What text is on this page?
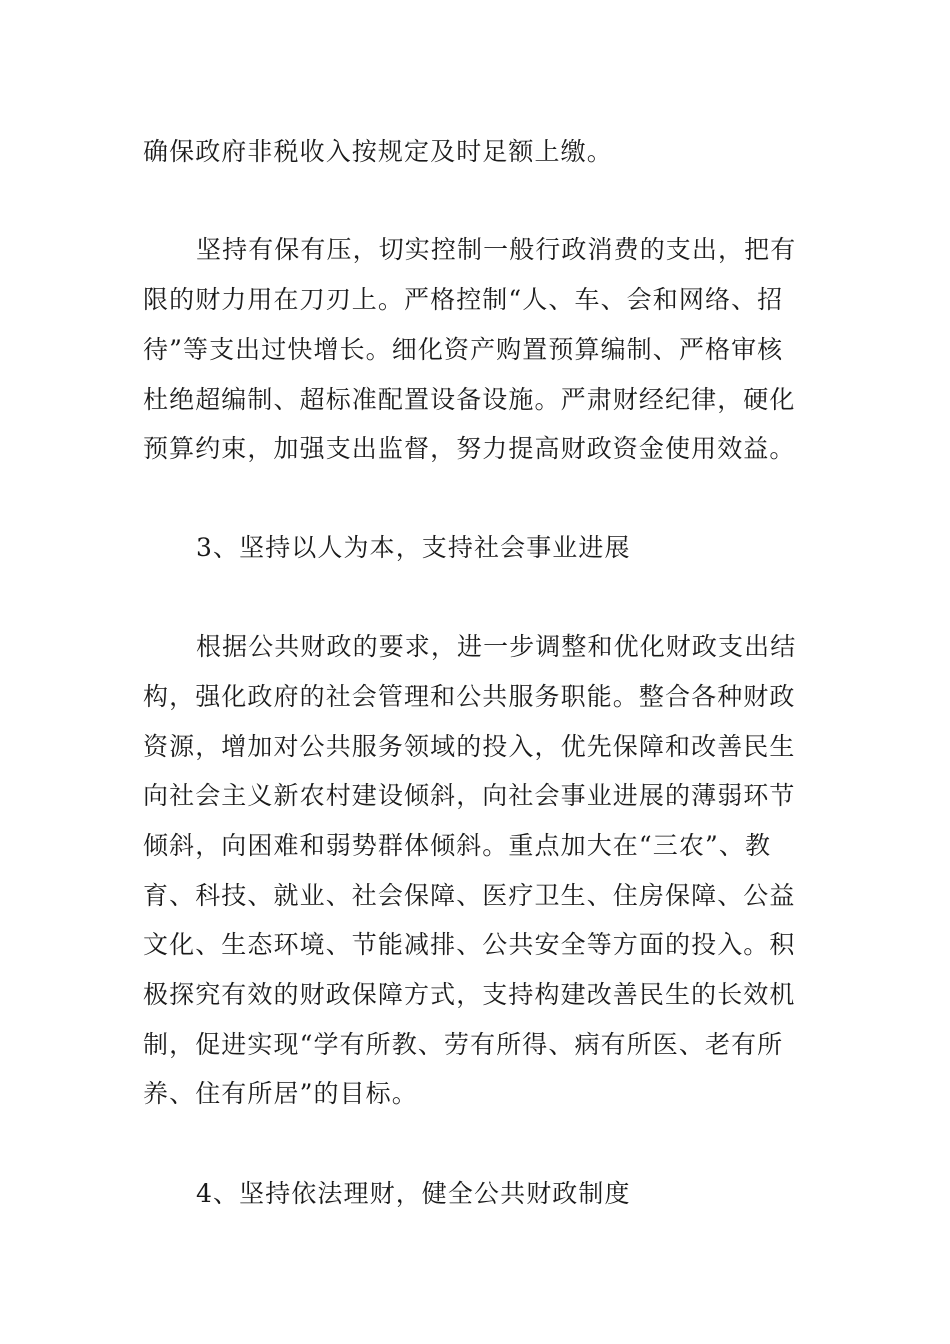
确保政府非税收入按规定及时足额上缴。
坚持有保有压，切实控制一般行政消费的支出，把有
限的财力用在刀刃上。严格控制“人、车、会和网络、招
待”等支出过快增长。细化资产购置预算编制、严格审核
杜绝超编制、超标准配置设备设施。严肃财经纪律，硬化
预算约束，加强支出监督，努力提高财政资金使用效益。
3、坚持以人为本，支持社会事业进展
根据公共财政的要求，进一步调整和优化财政支出结
构，强化政府的社会管理和公共服务职能。整合各种财政
资源，增加对公共服务领域的投入，优先保障和改善民生
向社会主义新农村建设倾斜，向社会事业进展的薄弱环节
倾斜，向困难和弱势群体倾斜。重点加大在“三农”、教
育、科技、就业、社会保障、医疗卫生、住房保障、公益
文化、生态环境、节能减排、公共安全等方面的投入。积
极探究有效的财政保障方式，支持构建改善民生的长效机
制，促进实现“学有所教、劳有所得、病有所医、老有所
养、住有所居”的目标。
4、坚持依法理财，健全公共财政制度
